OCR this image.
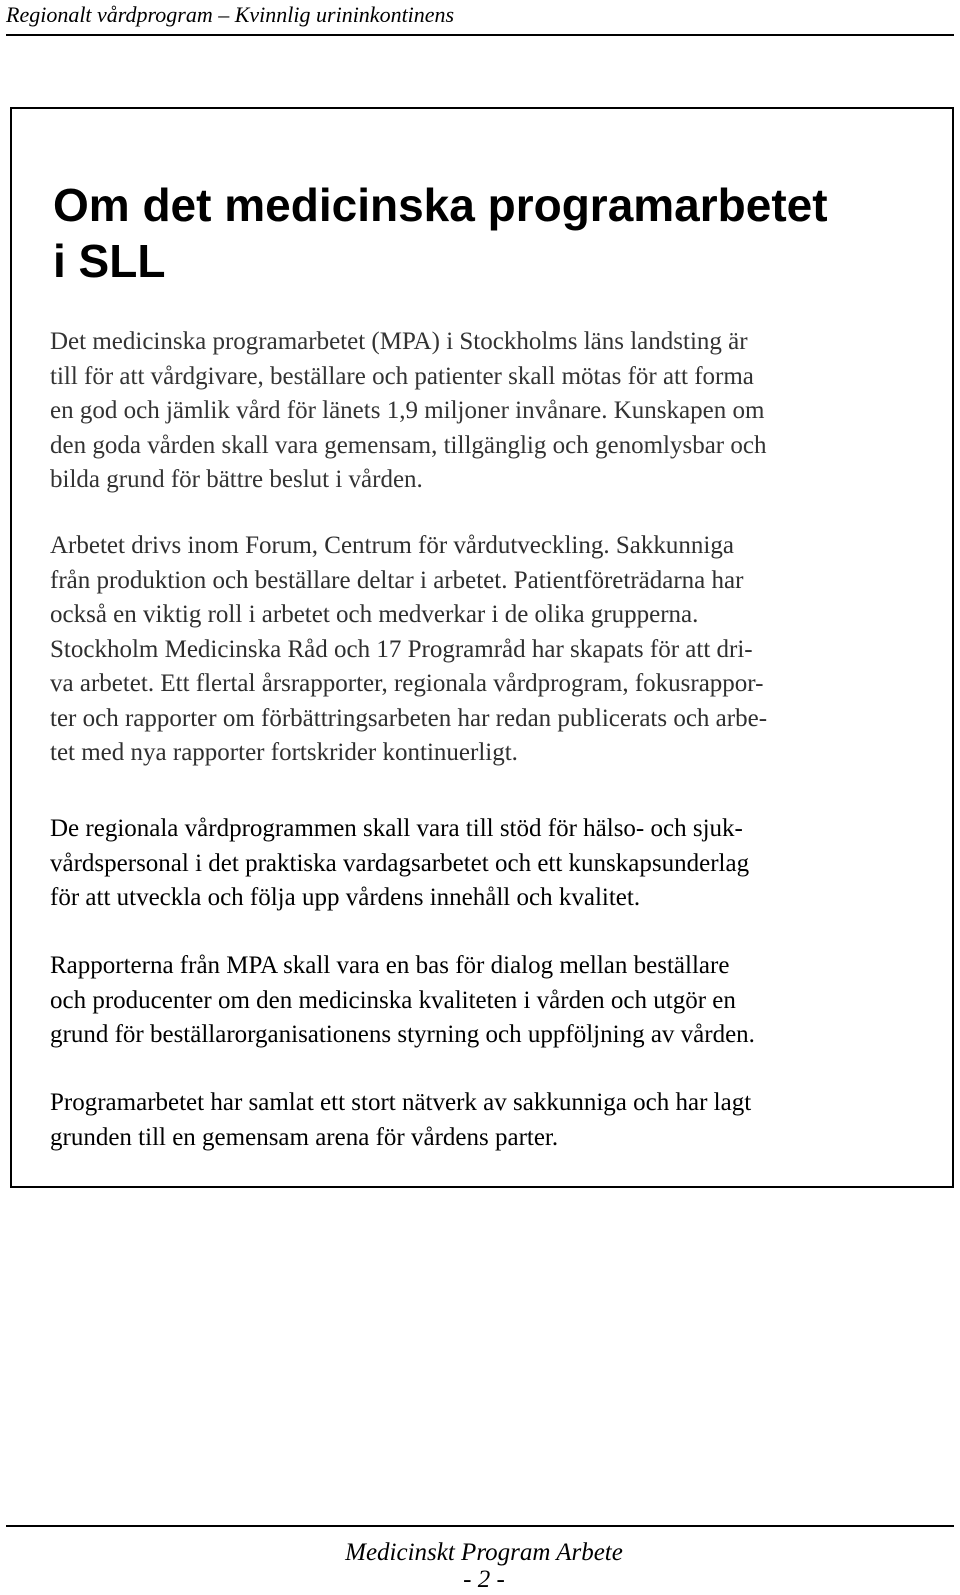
Regionalt vårdprogram – Kvinnlig urininkontinens
Om det medicinska programarbetet
i SLL

Det medicinska programarbetet (MPA) i Stockholms läns landsting är
till för att vårdgivare, beställare och patienter skall mötas för att forma
en god och jämlik vård för länets 1,9 miljoner invånare. Kunskapen om
den goda vården skall vara gemensam, tillgänglig och genomlysbar och
bilda grund för bättre beslut i vården.

Arbetet drivs inom Forum, Centrum för vårdutveckling. Sakkunniga
från produktion och beställare deltar i arbetet. Patientföreträdarna har
också en viktig roll i arbetet och medverkar i de olika grupperna.
Stockholm Medicinska Råd och 17 Programråd har skapats för att dri-
va arbetet. Ett flertal årsrapporter, regionala vårdprogram, fokusrappor-
ter och rapporter om förbättringsarbeten har redan publicerats och arbe-
tet med nya rapporter fortskrider kontinuerligt.

De regionala vårdprogrammen skall vara till stöd för hälso- och sjuk-
vårdspersonal i det praktiska vardagsarbetet och ett kunskapsunderlag
för att utveckla och följa upp vårdens innehåll och kvalitet.

Rapporterna från MPA skall vara en bas för dialog mellan beställare
och producenter om den medicinska kvaliteten i vården och utgör en
grund för beställarorganisationens styrning och uppföljning av vården.

Programarbetet har samlat ett stort nätverk av sakkunniga och har lagt
grunden till en gemensam arena för vårdens parter.

Medicinskt Program Arbete
- 2 -
